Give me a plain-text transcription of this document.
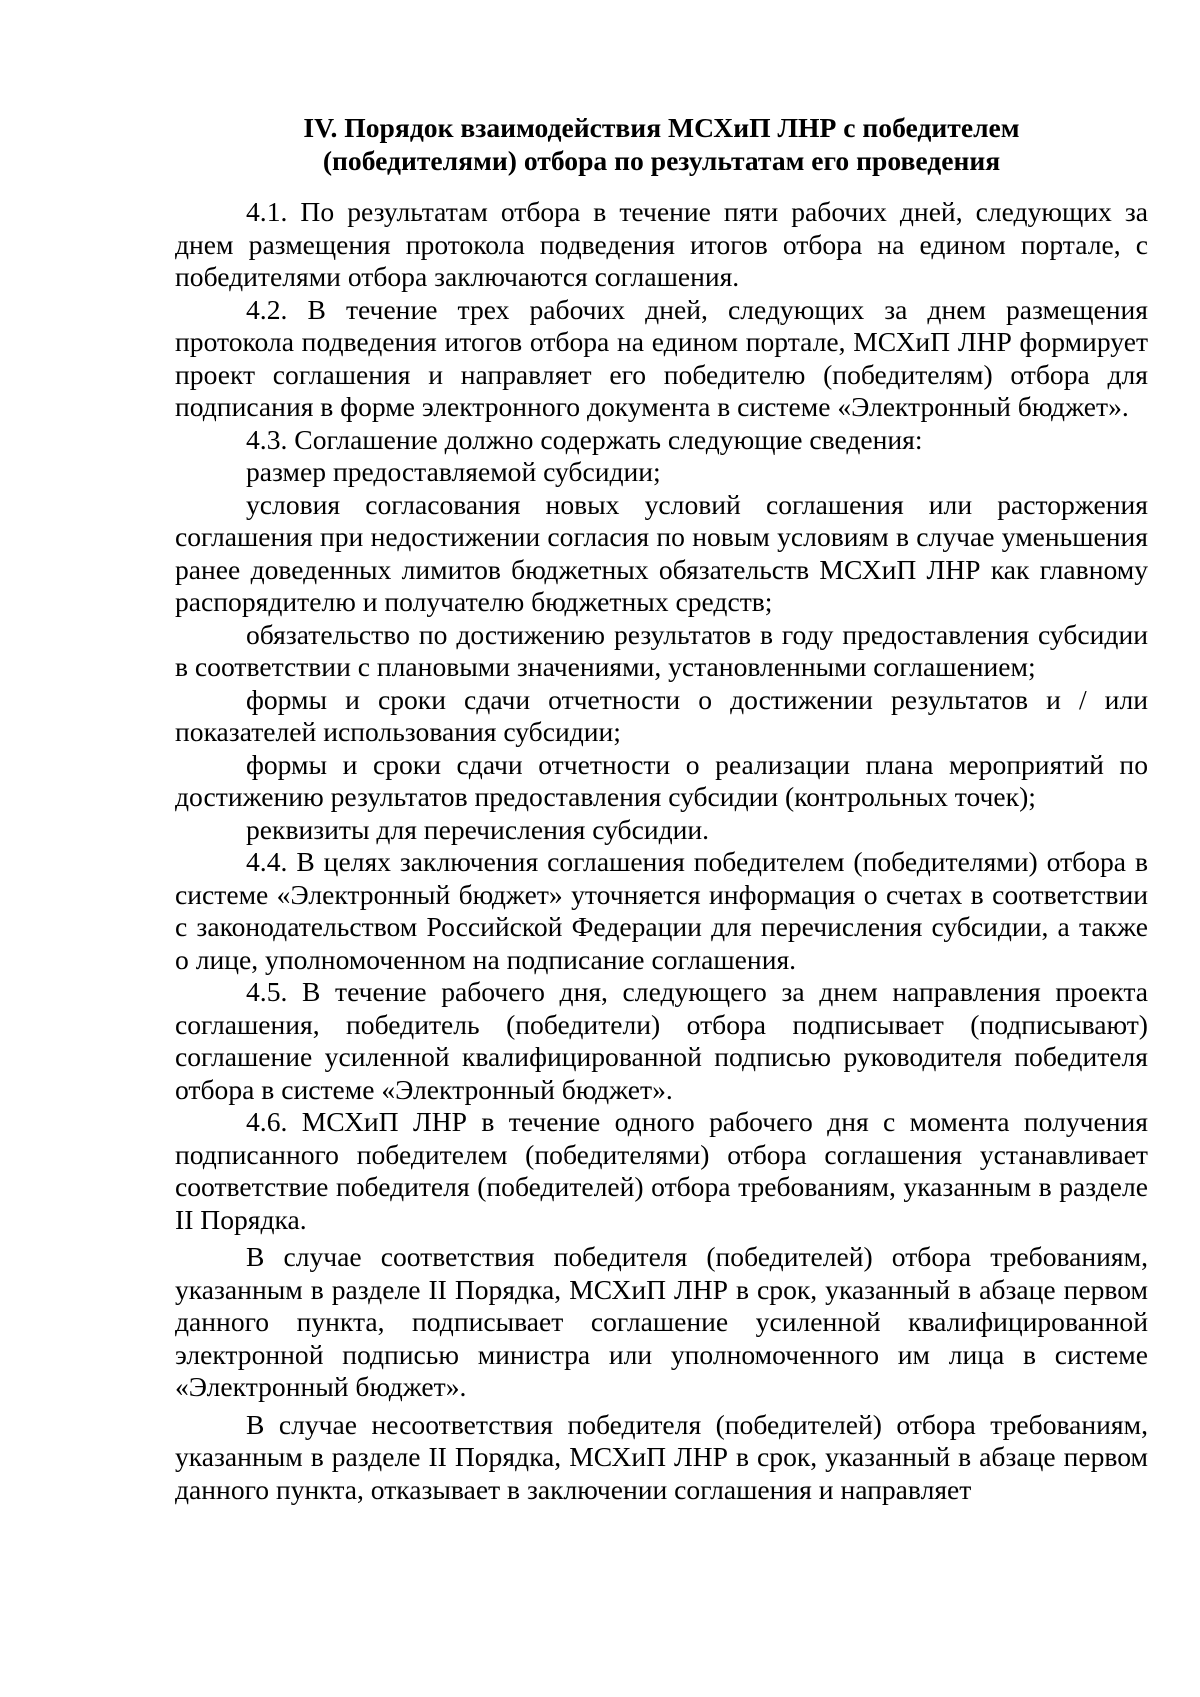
IV. Порядок взаимодействия МСХиП ЛНР с победителем
(победителями) отбора по результатам его проведения

4.1. По результатам отбора в течение пяти рабочих дней, следующих за днем размещения протокола подведения итогов отбора на едином портале, с победителями отбора заключаются соглашения.

4.2. В течение трех рабочих дней, следующих за днем размещения протокола подведения итогов отбора на едином портале, МСХиП ЛНР формирует проект соглашения и направляет его победителю (победителям) отбора для подписания в форме электронного документа в системе «Электронный бюджет».

4.3. Соглашение должно содержать следующие сведения:

размер предоставляемой субсидии;

условия согласования новых условий соглашения или расторжения соглашения при недостижении согласия по новым условиям в случае уменьшения ранее доведенных лимитов бюджетных обязательств МСХиП ЛНР как главному распорядителю и получателю бюджетных средств;

обязательство по достижению результатов в году предоставления субсидии в соответствии с плановыми значениями, установленными соглашением;

формы и сроки сдачи отчетности о достижении результатов и / или показателей использования субсидии;

формы и сроки сдачи отчетности о реализации плана мероприятий по достижению результатов предоставления субсидии (контрольных точек);

реквизиты для перечисления субсидии.

4.4. В целях заключения соглашения победителем (победителями) отбора в системе «Электронный бюджет» уточняется информация о счетах в соответствии с законодательством Российской Федерации для перечисления субсидии, а также о лице, уполномоченном на подписание соглашения.

4.5. В течение рабочего дня, следующего за днем направления проекта соглашения, победитель (победители) отбора подписывает (подписывают) соглашение усиленной квалифицированной подписью руководителя победителя отбора в системе «Электронный бюджет».

4.6. МСХиП ЛНР в течение одного рабочего дня с момента получения подписанного победителем (победителями) отбора соглашения устанавливает соответствие победителя (победителей) отбора требованиям, указанным в разделе II Порядка.

В случае соответствия победителя (победителей) отбора требованиям, указанным в разделе II Порядка, МСХиП ЛНР в срок, указанный в абзаце первом данного пункта, подписывает соглашение усиленной квалифицированной электронной подписью министра или уполномоченного им лица в системе «Электронный бюджет».

В случае несоответствия победителя (победителей) отбора требованиям, указанным в разделе II Порядка, МСХиП ЛНР в срок, указанный в абзаце первом данного пункта, отказывает в заключении соглашения и направляет
